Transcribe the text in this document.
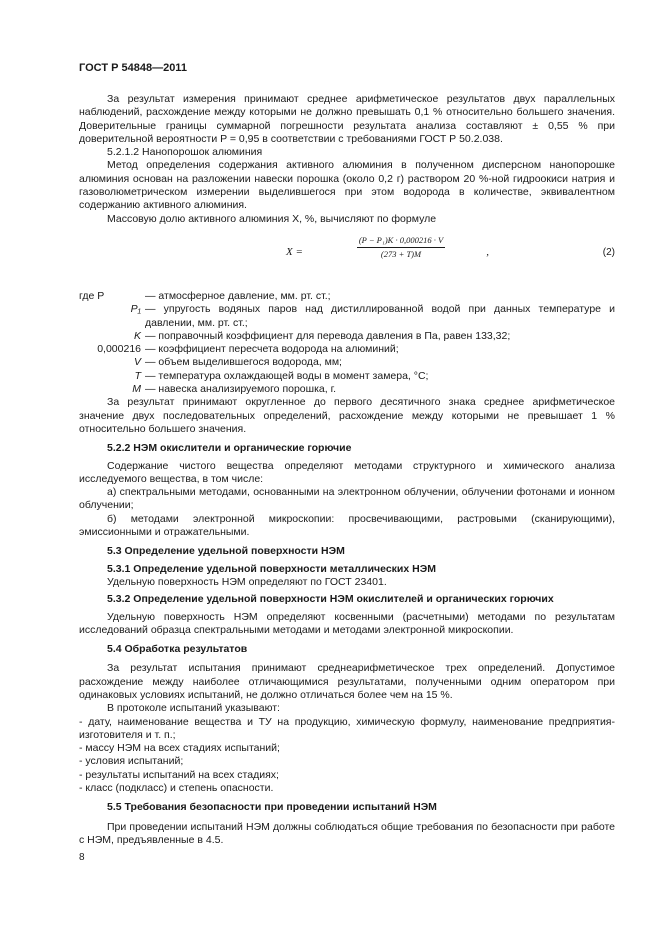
ГОСТ Р 54848—2011

За результат измерения принимают среднее арифметическое результатов двух параллельных наблюдений, расхождение между которыми не должно превышать 0,1 % относительно большего значения. Доверительные границы суммарной погрешности результата анализа составляют ± 0,55 % при доверительной вероятности P = 0,95 в соответствии с требованиями ГОСТ Р 50.2.038.

5.2.1.2 Нанопорошок алюминия

Метод определения содержания активного алюминия в полученном дисперсном нанопорошке алюминия основан на разложении навески порошка (около 0,2 г) раствором 20 %-ной гидроокиси натрия и газоволюметрическом измерении выделившегося при этом водорода в количестве, эквивалентном содержанию активного алюминия.

Массовую долю активного алюминия X, %, вычисляют по формуле

X =
(P − P₁)K · 0,000216 · V
,

(273 + T)M	(2)
где P	— атмосферное давление, мм. рт. ст.;
P₁ — упругость водяных паров над дистиллированной водой при данных температуре и давлении, мм. рт. ст.;
K — поправочный коэффициент для перевода давления в Па, равен 133,32;
0,000216 — коэффициент пересчета водорода на алюминий;
V — объем выделившегося водорода, мм;
T — температура охлаждающей воды в момент замера, °C;
M — навеска анализируемого порошка, г.

За результат принимают округленное до первого десятичного знака среднее арифметическое значение двух последовательных определений, расхождение между которыми не превышает 1 % относительно большего значения.

5.2.2 НЭМ окислители и органические горючие

Содержание чистого вещества определяют методами структурного и химического анализа исследуемого вещества, в том числе:

а) спектральными методами, основанными на электронном облучении, облучении фотонами и ионном облучении;

б) методами электронной микроскопии: просвечивающими, растровыми (сканирующими), эмиссионными и отражательными.

5.3 Определение удельной поверхности НЭМ

5.3.1 Определение удельной поверхности металлических НЭМ

Удельную поверхность НЭМ определяют по ГОСТ 23401.

5.3.2 Определение удельной поверхности НЭМ окислителей и органических горючих

Удельную поверхность НЭМ определяют косвенными (расчетными) методами по результатам исследований образца спектральными методами и методами электронной микроскопии.

5.4 Обработка результатов

За результат испытания принимают среднеарифметическое трех определений. Допустимое расхождение между наиболее отличающимися результатами, полученными одним оператором при одинаковых условиях испытаний, не должно отличаться более чем на 15 %.

В протоколе испытаний указывают:

- дату, наименование вещества и ТУ на продукцию, химическую формулу, наименование предприятия-изготовителя и т. п.;

- массу НЭМ на всех стадиях испытаний;

- условия испытаний;

- результаты испытаний на всех стадиях;

- класс (подкласс) и степень опасности.

5.5 Требования безопасности при проведении испытаний НЭМ

При проведении испытаний НЭМ должны соблюдаться общие требования по безопасности при работе с НЭМ, предъявленные в 4.5.

8
